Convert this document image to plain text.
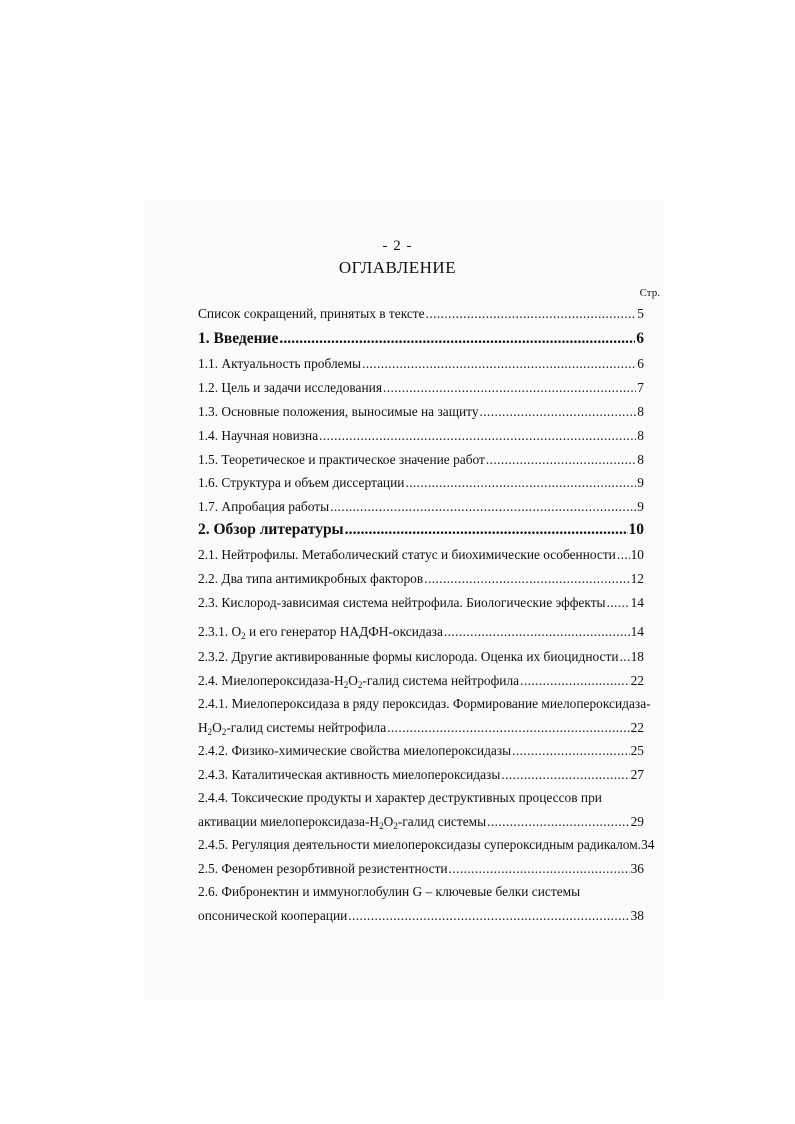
- 2 -
ОГЛАВЛЕНИЕ
Стр.
Список сокращений, принятых в тексте .....	5
1. Введение .....	6
1.1. Актуальность проблемы .....	6
1.2. Цель и задачи исследования .....	7
1.3. Основные положения, выносимые на защиту .....	8
1.4. Научная новизна .....	8
1.5. Теоретическое и практическое значение работ .....	8
1.6. Структура и объем диссертации .....	9
1.7. Апробация работы .....	9
2. Обзор литературы .....	10
2.1. Нейтрофилы. Метаболический статус и биохимические особенности ..... 10
2.2. Два типа антимикробных факторов .....	12
2.3. Кислород-зависимая система нейтрофила. Биологические эффекты ..... 14
2.3.1. $O_2$ и его генератор НАДФН-оксидаза .....	14
2.3.2. Другие активированные формы кислорода. Оценка их биоцидности ..... 18
2.4. Миелопероксидаза-$H_2O_2$-галид система нейтрофила .....	22
2.4.1. Миелопероксидаза в ряду пероксидаз. Формирование миелопероксидаза-
$H_2O_2$-галид системы нейтрофила .....	22
2.4.2. Физико-химические свойства миелопероксидазы .....	25
2.4.3. Каталитическая активность миелопероксидазы .....	27
2.4.4. Токсические продукты и характер деструктивных процессов при
активации миелопероксидаза-$H_2O_2$-галид системы .....	29
2.4.5. Регуляция деятельности миелопероксидазы супероксидным радикалом. 34
2.5. Феномен резорбтивной резистентности .....	36
2.6. Фибронектин и иммуноглобулин G – ключевые белки системы
опсонической кооперации .....	38
